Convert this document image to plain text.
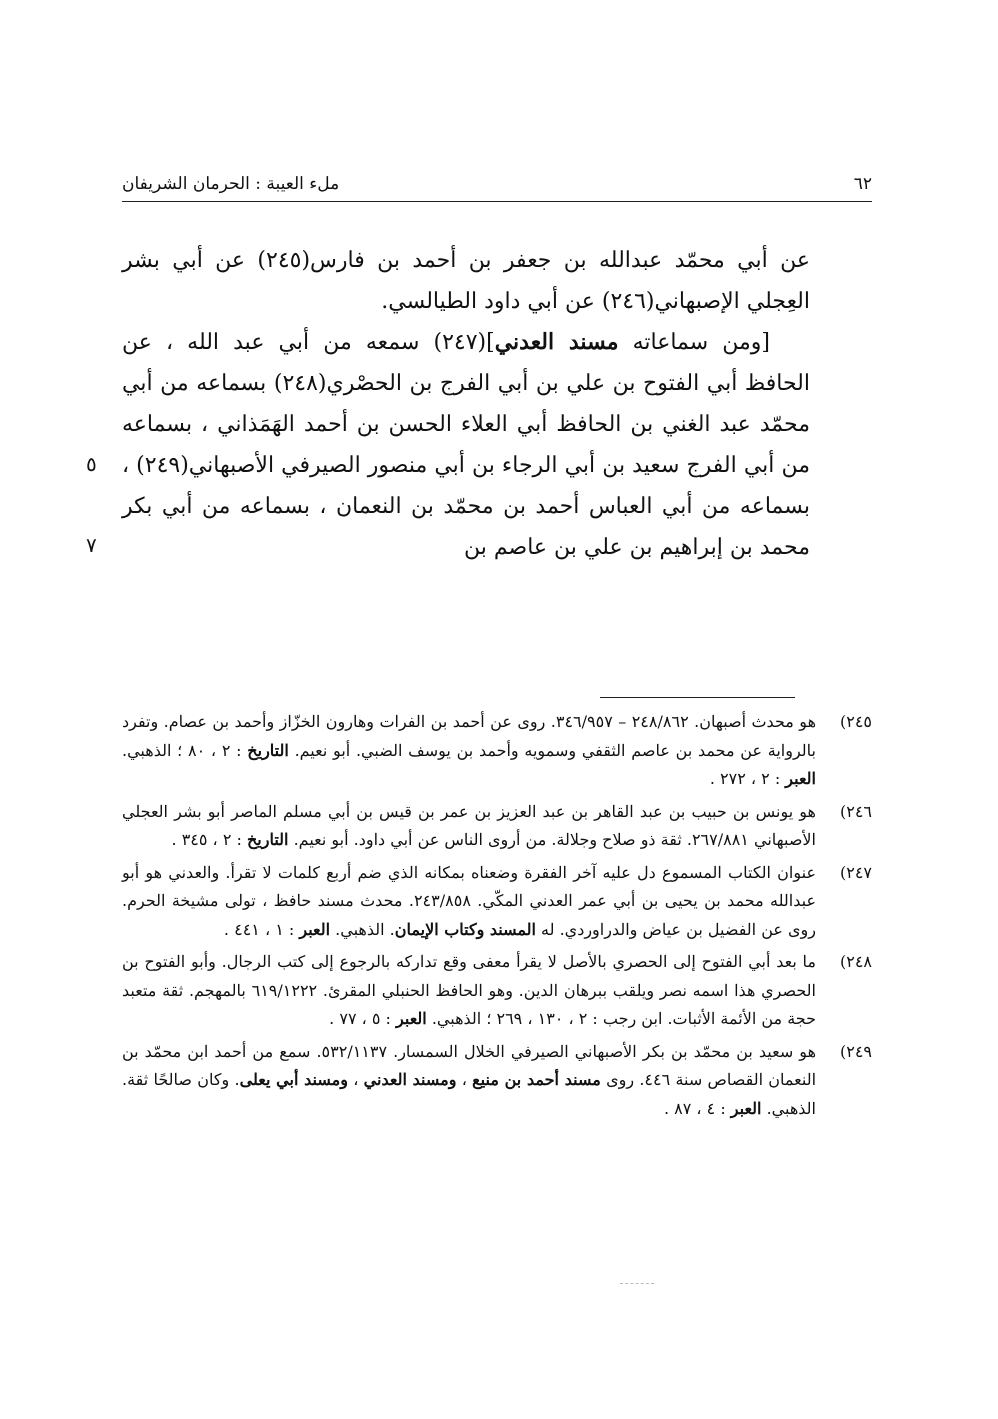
٦٢
ملء العيبة : الحرمان الشريفان

عن أبي محمّد عبدالله بن جعفر بن أحمد بن فارس(٢٤٥) عن أبي بشر العِجلي الإصبهاني(٢٤٦) عن أبي داود الطيالسي.

[ومن سماعاته مسند العدني](٢٤٧) سمعه من أبي عبد الله ، عن الحافظ أبي الفتوح بن علي بن أبي الفرج بن الحصْري(٢٤٨) بسماعه من أبي محمّد عبد الغني بن الحافظ أبي العلاء الحسن بن أحمد الهَمَذاني ، بسماعه من أبي الفرج سعيد بن أبي الرجاء بن أبي منصور الصيرفي الأصبهاني(٢٤٩) ، بسماعه من أبي العباس أحمد بن محمّد بن النعمان ، بسماعه من أبي بكر محمد بن إبراهيم بن علي بن عاصم بن

٥
٧
٢٤٥)
هو محدث أصبهان. ٢٤٨/٨٦٢ – ٣٤٦/٩٥٧. روى عن أحمد بن الفرات وهارون الخزّاز وأحمد بن عصام. وتفرد بالرواية عن محمد بن عاصم الثقفي وسمويه وأحمد بن يوسف الضبي. أبو نعيم. التاريخ : ٢ ، ٨٠ ؛ الذهبي. العبر : ٢ ، ٢٧٢ .
٢٤٦)
هو يونس بن حبيب بن عبد القاهر بن عبد العزيز بن عمر بن قيس بن أبي مسلم الماصر أبو بشر العجلي الأصبهاني ٢٦٧/٨٨١. ثقة ذو صلاح وجلالة. من أروى الناس عن أبي داود. أبو نعيم. التاريخ : ٢ ، ٣٤٥ .
٢٤٧)
عنوان الكتاب المسموع دل عليه آخر الفقرة وضعناه بمكانه الذي ضم أربع كلمات لا تقرأ. والعدني هو أبو عبدالله محمد بن يحيى بن أبي عمر العدني المكّي. ٢٤٣/٨٥٨. محدث مسند حافظ ، تولى مشيخة الحرم. روى عن الفضيل بن عياض والدراوردي. له المسند وكتاب الإيمان. الذهبي. العبر : ١ ، ٤٤١ .
٢٤٨)
ما بعد أبي الفتوح إلى الحصري بالأصل لا يقرأ معفى وقع تداركه بالرجوع إلى كتب الرجال. وأبو الفتوح بن الحصري هذا اسمه نصر ويلقب ببرهان الدين. وهو الحافظ الحنبلي المقرئ. ٦١٩/١٢٢٢ بالمهجم. ثقة متعبد حجة من الأئمة الأثبات. ابن رجب : ٢ ، ١٣٠ ، ٢٦٩ ؛ الذهبي. العبر : ٥ ، ٧٧ .
٢٤٩)
هو سعيد بن محمّد بن بكر الأصبهاني الصيرفي الخلال السمسار. ٥٣٢/١١٣٧. سمع من أحمد ابن محمّد بن النعمان القصاص سنة ٤٤٦. روى مسند أحمد بن منيع ، ومسند العدني ، ومسند أبي يعلى. وكان صالحًا ثقة. الذهبي. العبر : ٤ ، ٨٧ .
